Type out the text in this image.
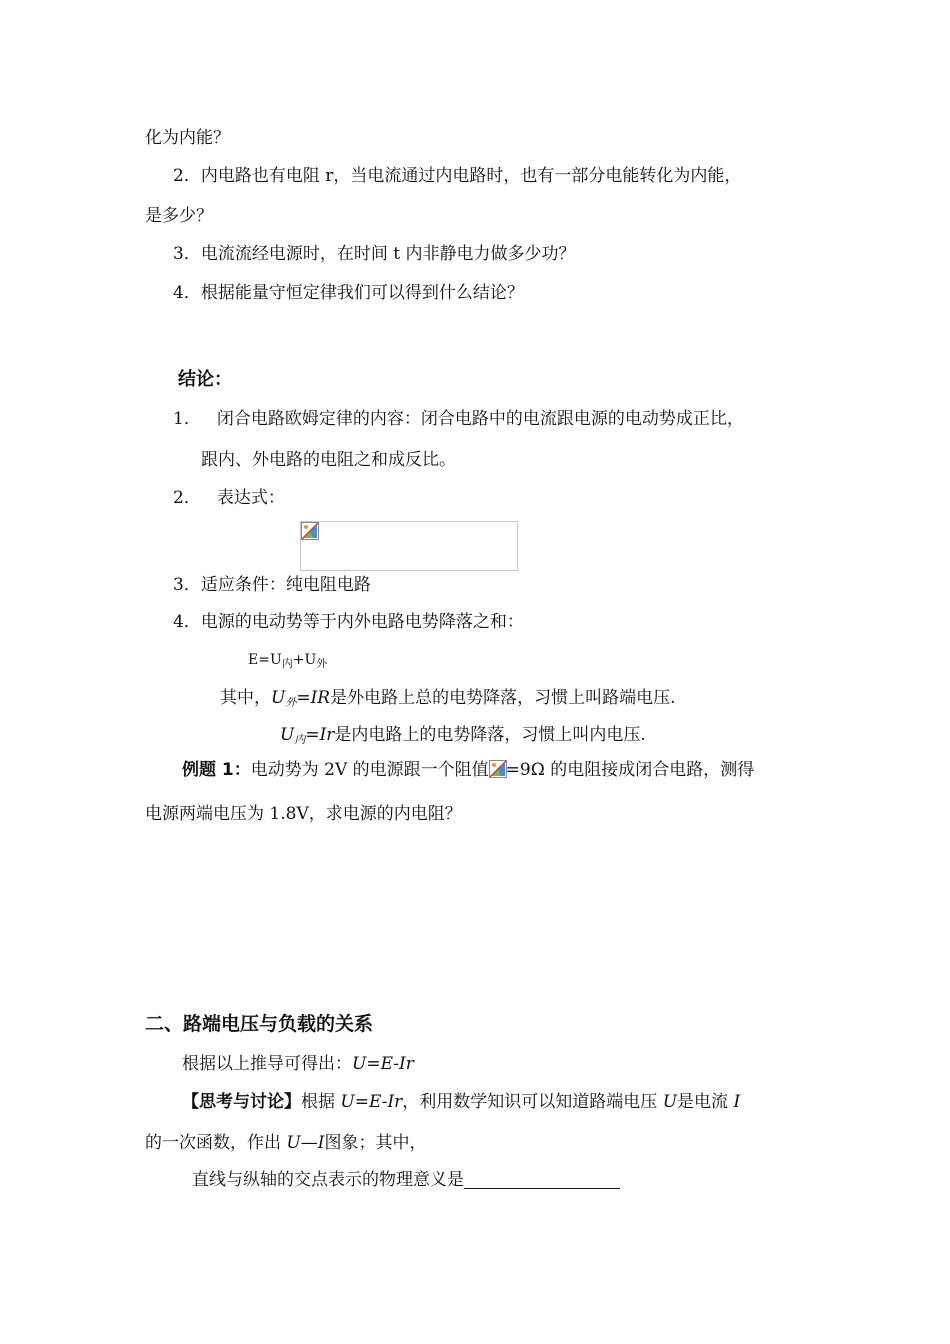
化为内能？
2．内电路也有电阻 r，当电流通过内电路时，也有一部分电能转化为内能，
是多少？
3．电流流经电源时，在时间 t 内非静电力做多少功？
4．根据能量守恒定律我们可以得到什么结论？
结论：
1． 闭合电路欧姆定律的内容：闭合电路中的电流跟电源的电动势成正比，
跟内、外电路的电阻之和成反比。
2． 表达式：
3．适应条件：纯电阻电路
4．电源的电动势等于内外电路电势降落之和：
$E=U_内+U_外$
其中，$U_外=IR$是外电路上总的电势降落，习惯上叫路端电压.
$U_内=Ir$是内电路上的电势降落，习惯上叫内电压.
例题 1：电动势为 2V 的电源跟一个阻值 =9Ω 的电阻接成闭合电路，测得
电源两端电压为 1.8V，求电源的内电阻？
二、路端电压与负载的关系
根据以上推导可得出：U=E-Ir
【思考与讨论】根据 U=E-Ir，利用数学知识可以知道路端电压 U是电流 I
的一次函数，作出 U—I图象；其中，
直线与纵轴的交点表示的物理意义是
